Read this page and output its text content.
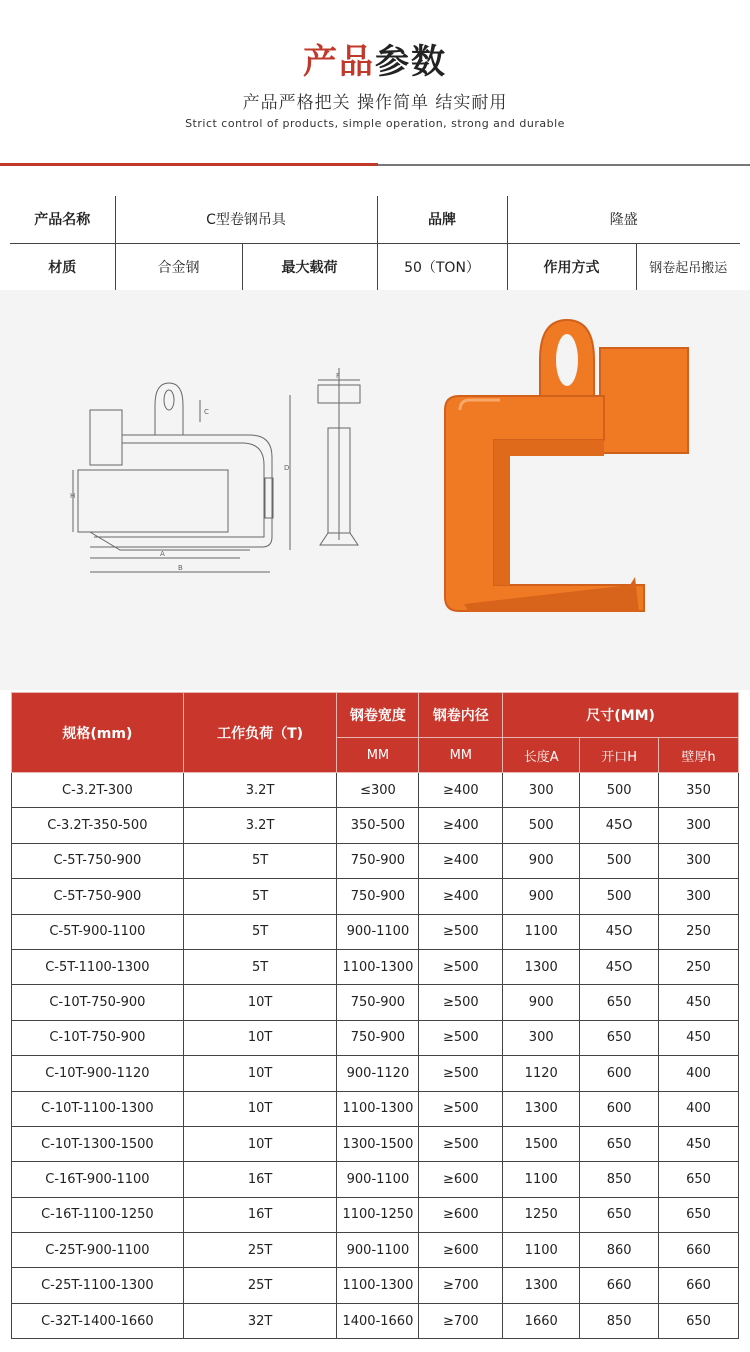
产品参数
产品严格把关 操作简单 结实耐用
Strict control of products, simple operation, strong and durable
产品名称	C型卷钢吊具		品牌	隆盛	
材质	合金钢	最大载荷	50（TON）	作用方式	钢卷起吊搬运
A
B
H
D
F
C
规格(mm)	工作负荷（T)	钢卷宽度	钢卷内径	尺寸(MM)		
		MM	MM	长度A	开口H	壁厚h
C-3.2T-300	3.2T	≤300	≥400	300	500	350
C-3.2T-350-500	3.2T	350-500	≥400	500	45O	300
C-5T-750-900	5T	750-900	≥400	900	500	300
C-5T-750-900	5T	750-900	≥400	900	500	300
C-5T-900-1100	5T	900-1100	≥500	1100	45O	250
C-5T-1100-1300	5T	1100-1300	≥500	1300	45O	250
C-10T-750-900	10T	750-900	≥500	900	650	450
C-10T-750-900	10T	750-900	≥500	300	650	450
C-10T-900-1120	10T	900-1120	≥500	1120	600	400
C-10T-1100-1300	10T	1100-1300	≥500	1300	600	400
C-10T-1300-1500	10T	1300-1500	≥500	1500	650	450
C-16T-900-1100	16T	900-1100	≥600	1100	850	650
C-16T-1100-1250	16T	1100-1250	≥600	1250	650	650
C-25T-900-1100	25T	900-1100	≥600	1100	860	660
C-25T-1100-1300	25T	1100-1300	≥700	1300	660	660
C-32T-1400-1660	32T	1400-1660	≥700	1660	850	650
